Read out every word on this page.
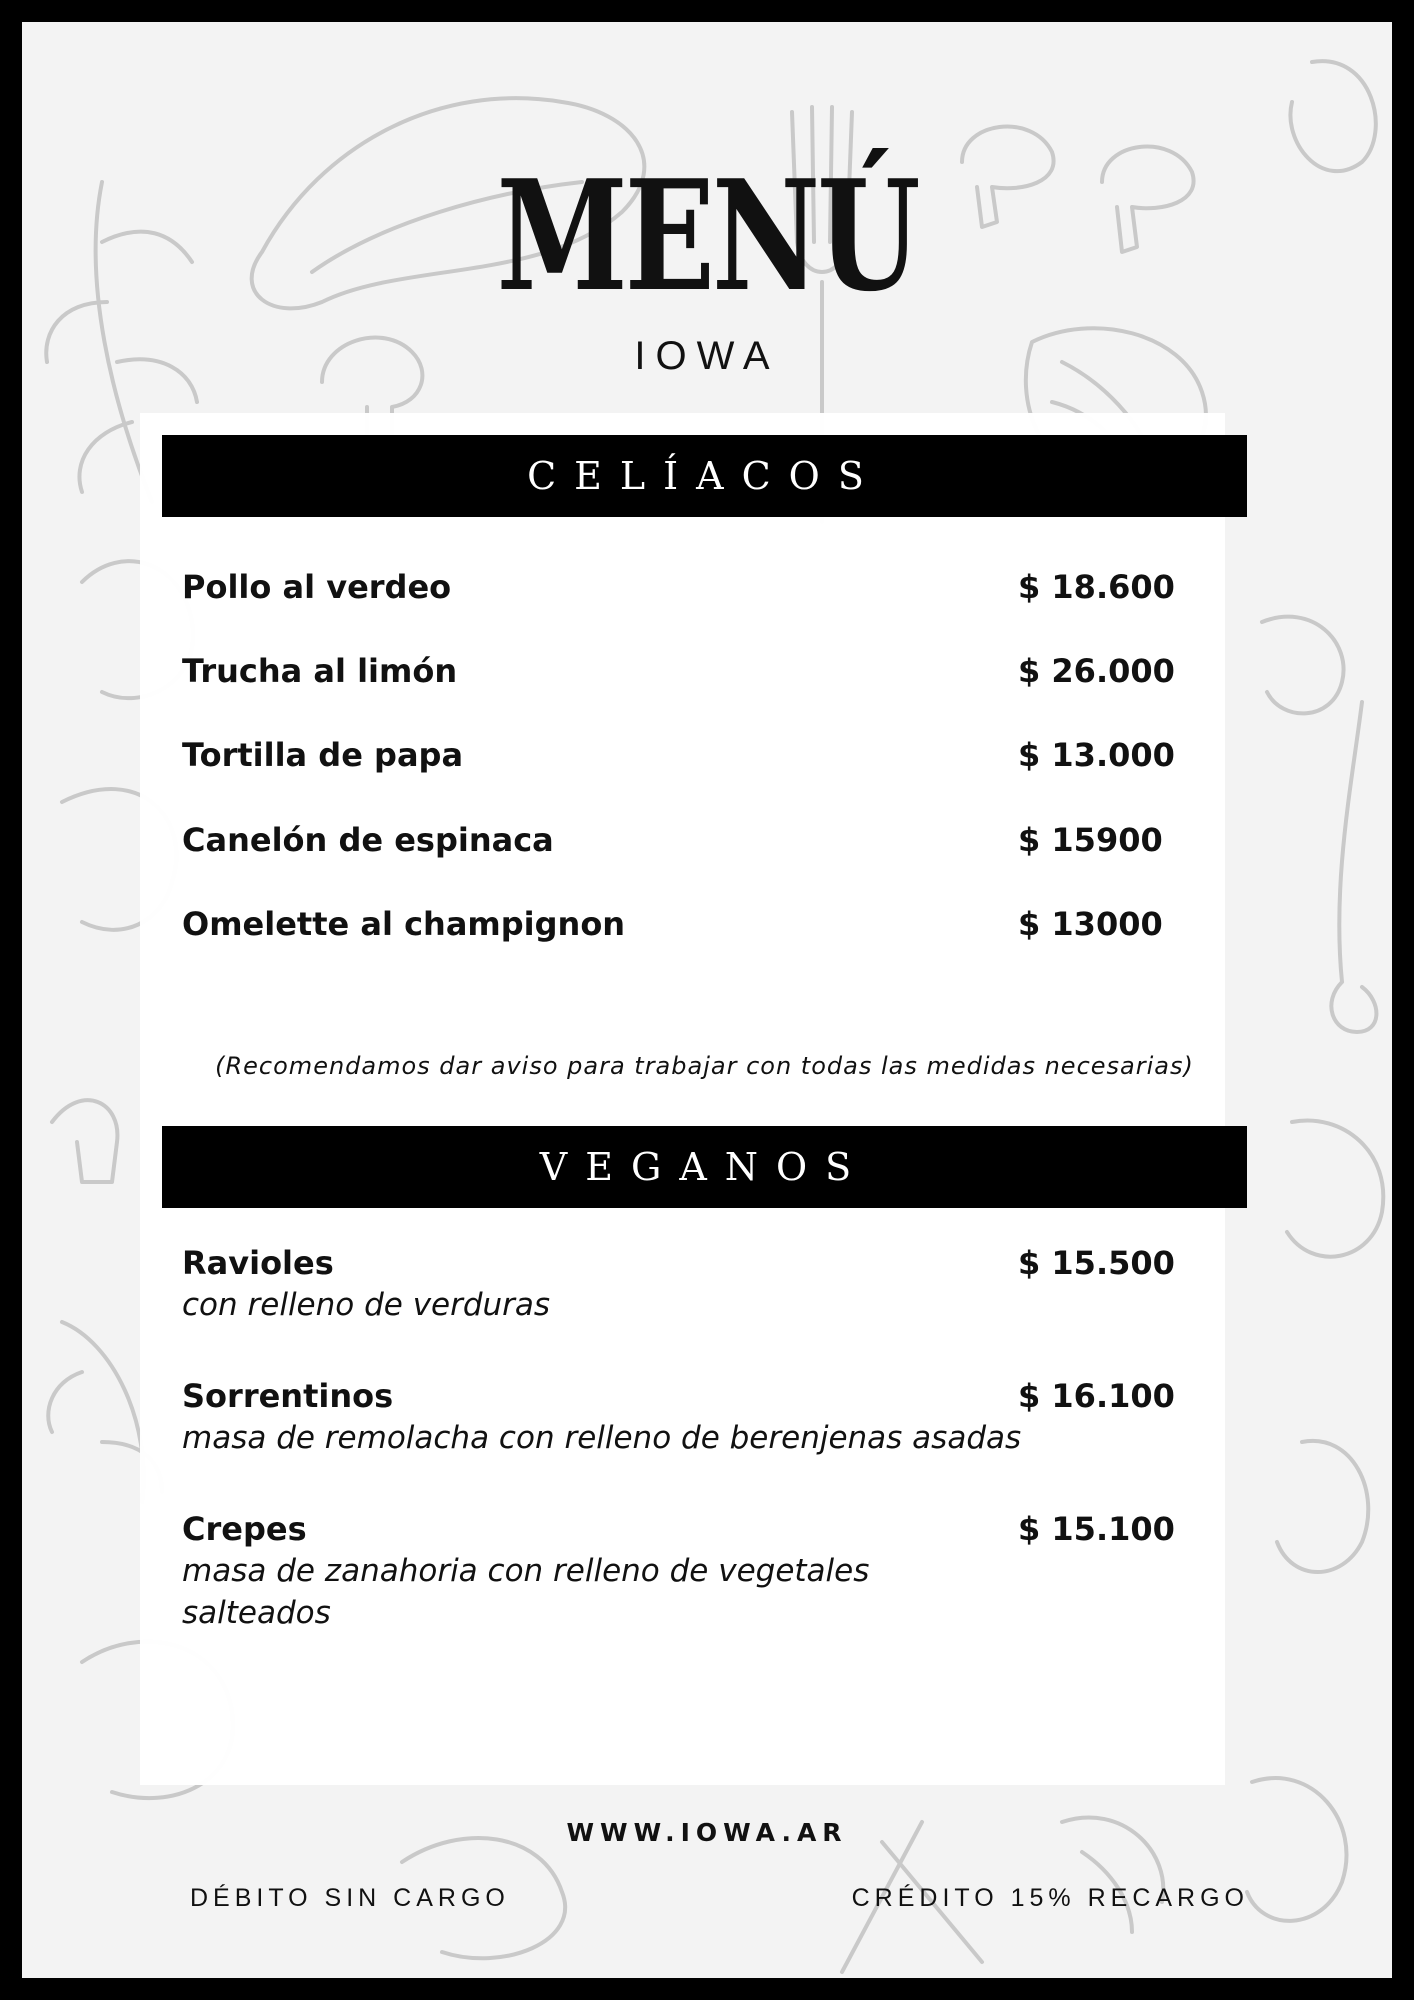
MENÚ
IOWA
CELÍACOS
Pollo al verdeo	$ 18.600
Trucha al limón	$ 26.000
Tortilla de papa	$ 13.000
Canelón de espinaca	$ 15900
Omelette al champignon	$ 13000
(Recomendamos dar aviso para trabajar con todas las medidas necesarias)
VEGANOS
Ravioles	$ 15.500
con relleno de verduras
Sorrentinos	$ 16.100
masa de remolacha con relleno de berenjenas asadas
Crepes	$ 15.100
masa de zanahoria con relleno de vegetales salteados
WWW.IOWA.AR
DÉBITO SIN CARGO	CRÉDITO 15% RECARGO
